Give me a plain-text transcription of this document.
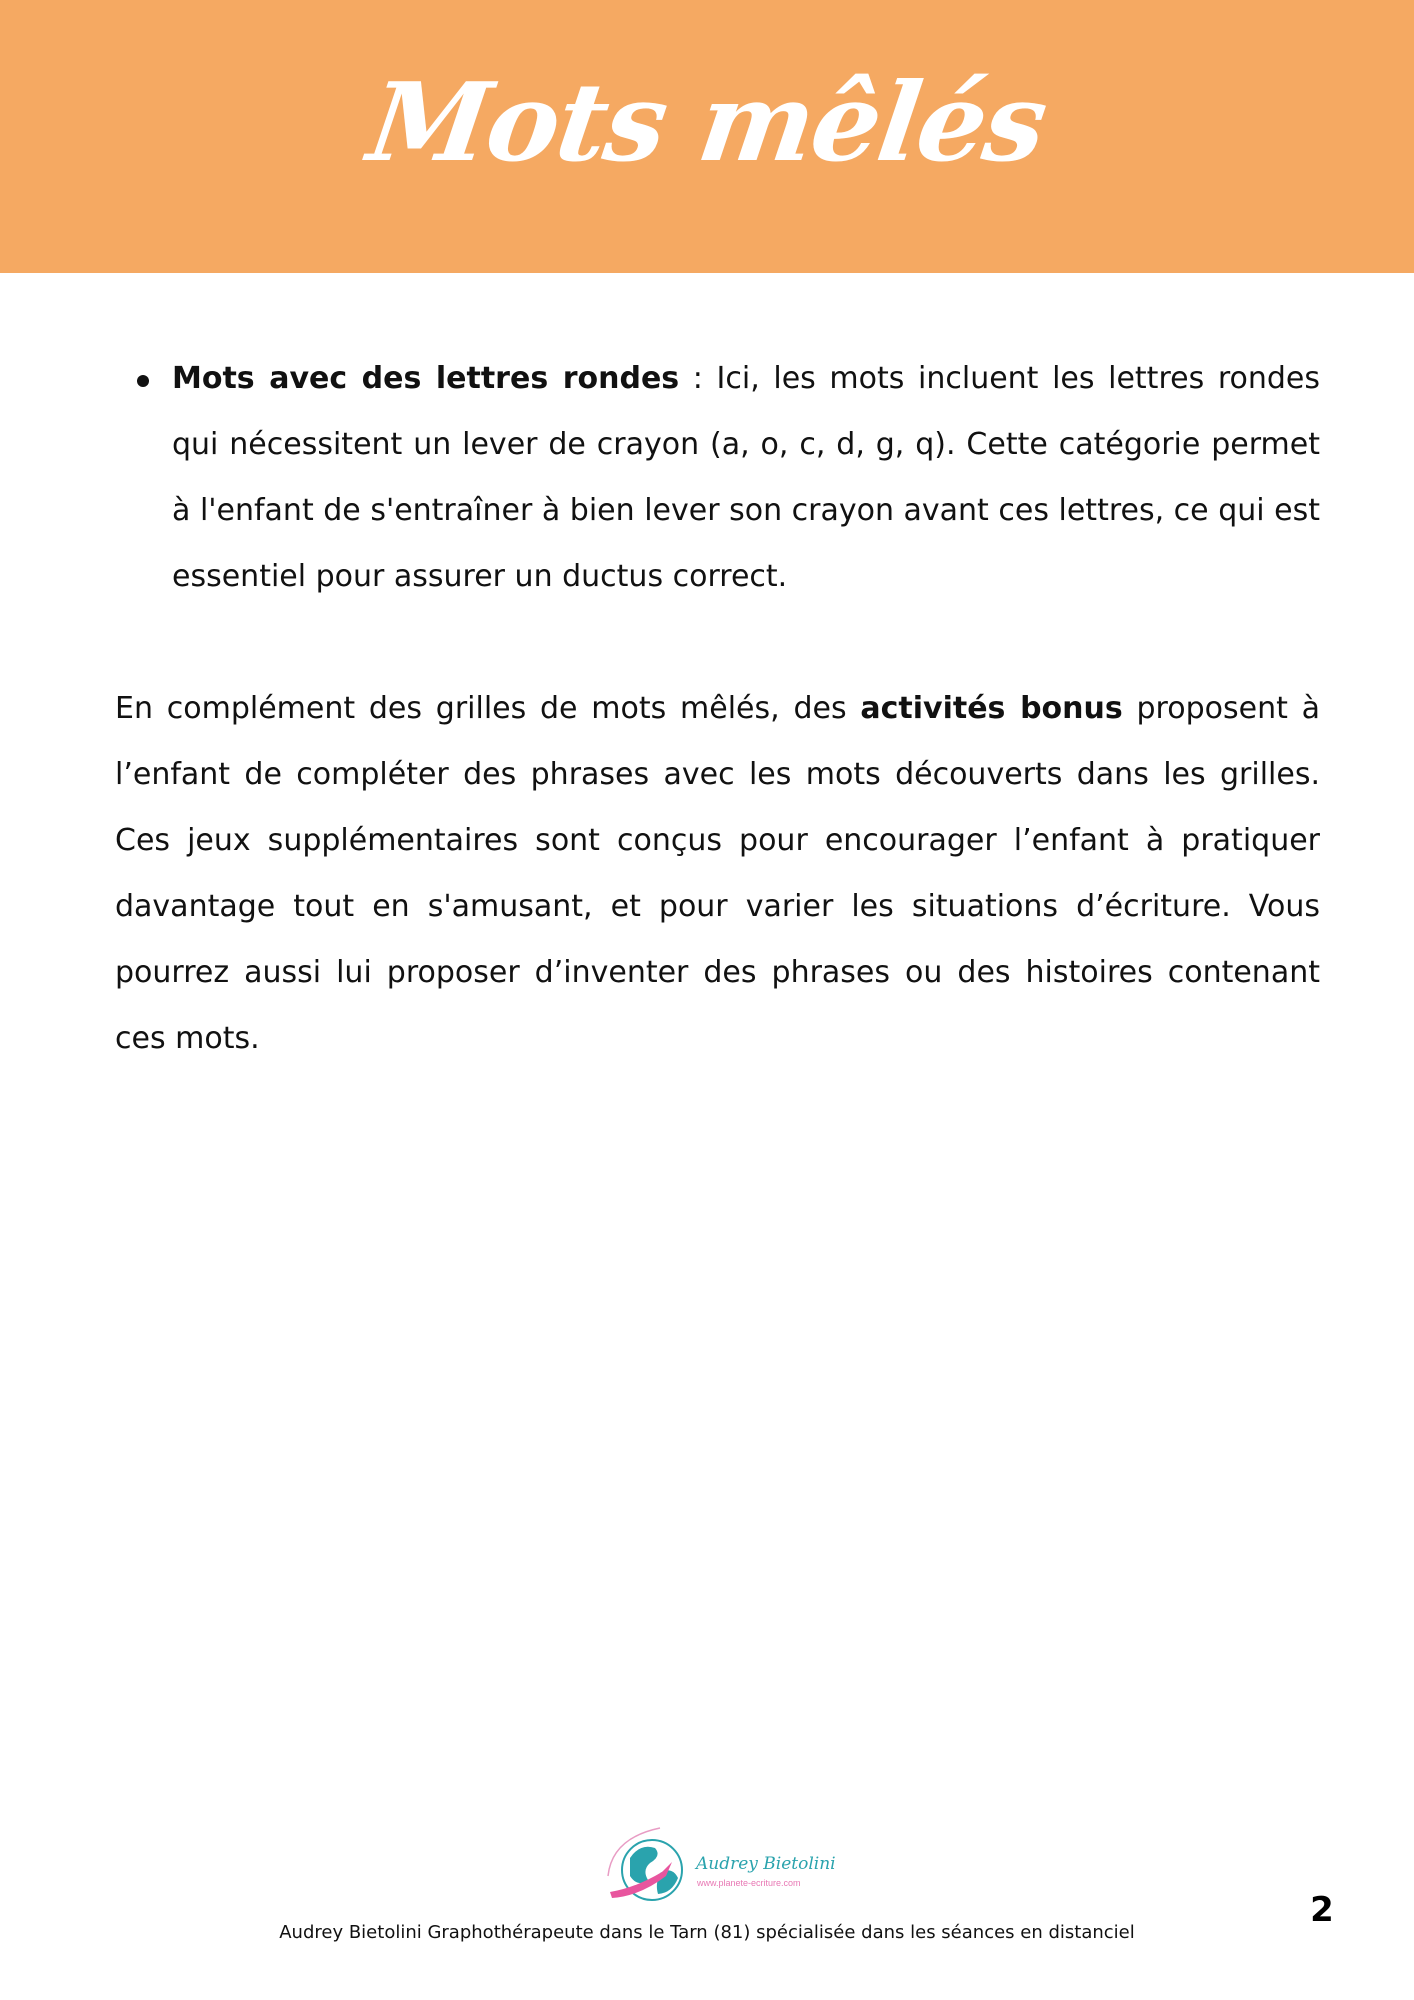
Mots mêlés
Mots avec des lettres rondes : Ici, les mots incluent les lettres rondes qui nécessitent un lever de crayon (a, o, c, d, g, q). Cette catégorie permet à l'enfant de s'entraîner à bien lever son crayon avant ces lettres, ce qui est essentiel pour assurer un ductus correct.
En complément des grilles de mots mêlés, des activités bonus proposent à l’enfant de compléter des phrases avec les mots découverts dans les grilles. Ces jeux supplémentaires sont conçus pour encourager l’enfant à pratiquer davantage tout en s'amusant, et pour varier les situations d’écriture. Vous pourrez aussi lui proposer d’inventer des phrases ou des histoires contenant ces mots.
Audrey Bietolini
www.planete-ecriture.com
Audrey Bietolini Graphothérapeute dans le Tarn (81) spécialisée dans les séances en distanciel
2
